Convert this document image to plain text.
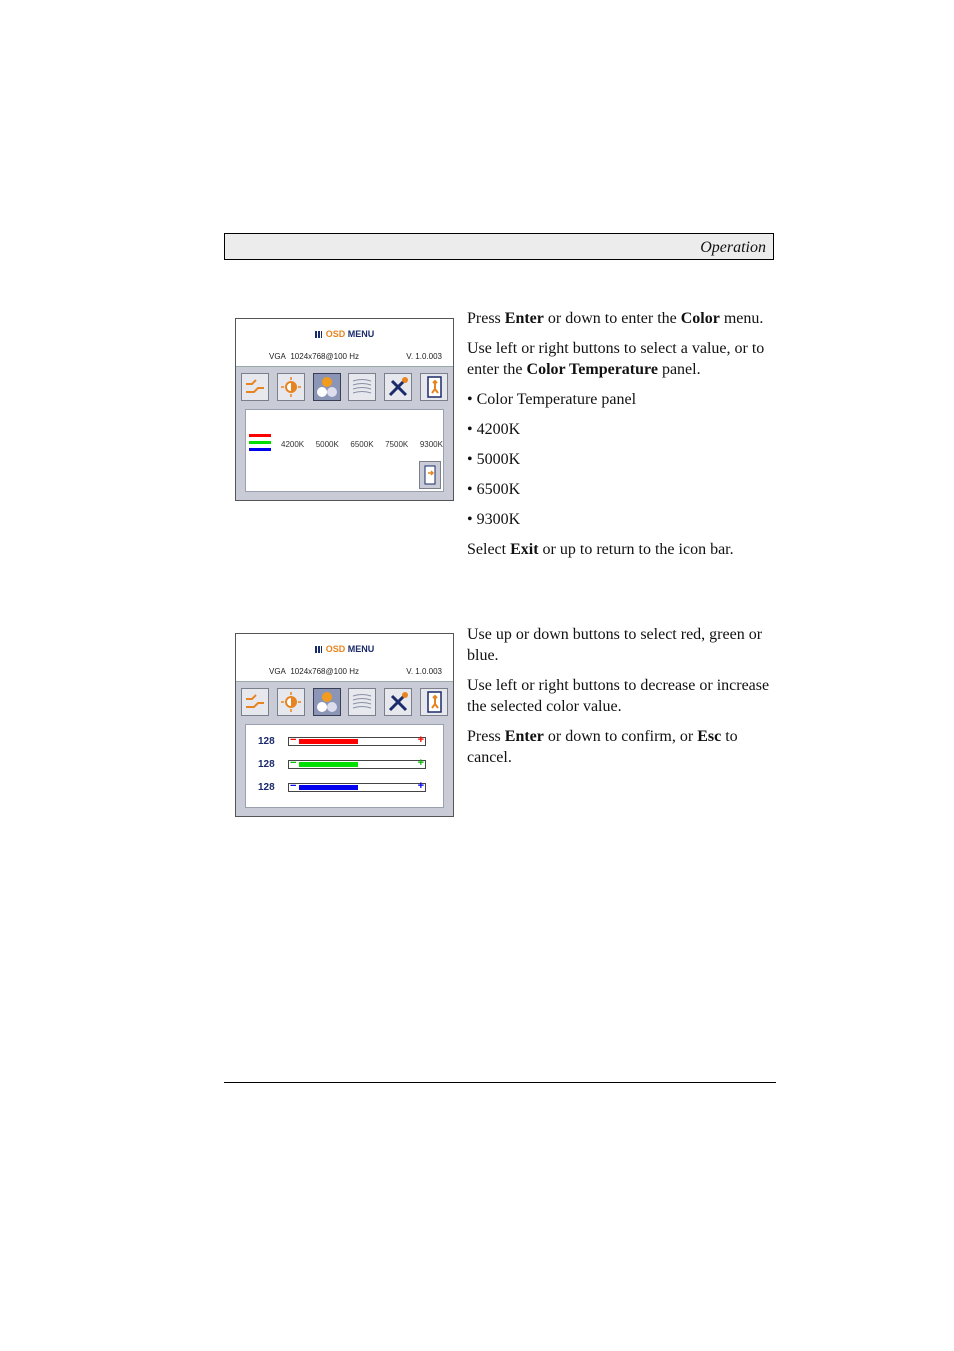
Operation
OSD MENU
VGA 1024x768@100 Hz	V. 1.0.003
4200K 5000K 6500K 7500K 9300K

Press Enter or down to enter the Color menu.

Use left or right buttons to select a value, or to enter the Color Temperature panel.

• Color Temperature panel

• 4200K

• 5000K

• 6500K

• 9300K

Select Exit or up to return to the icon bar.

OSD MENU
VGA 1024x768@100 Hz	V. 1.0.003
128	−	+
128	−	+
128	−	+

Use up or down buttons to select red, green or blue.

Use left or right buttons to decrease or increase the selected color value.

Press Enter or down to confirm, or Esc to cancel.
